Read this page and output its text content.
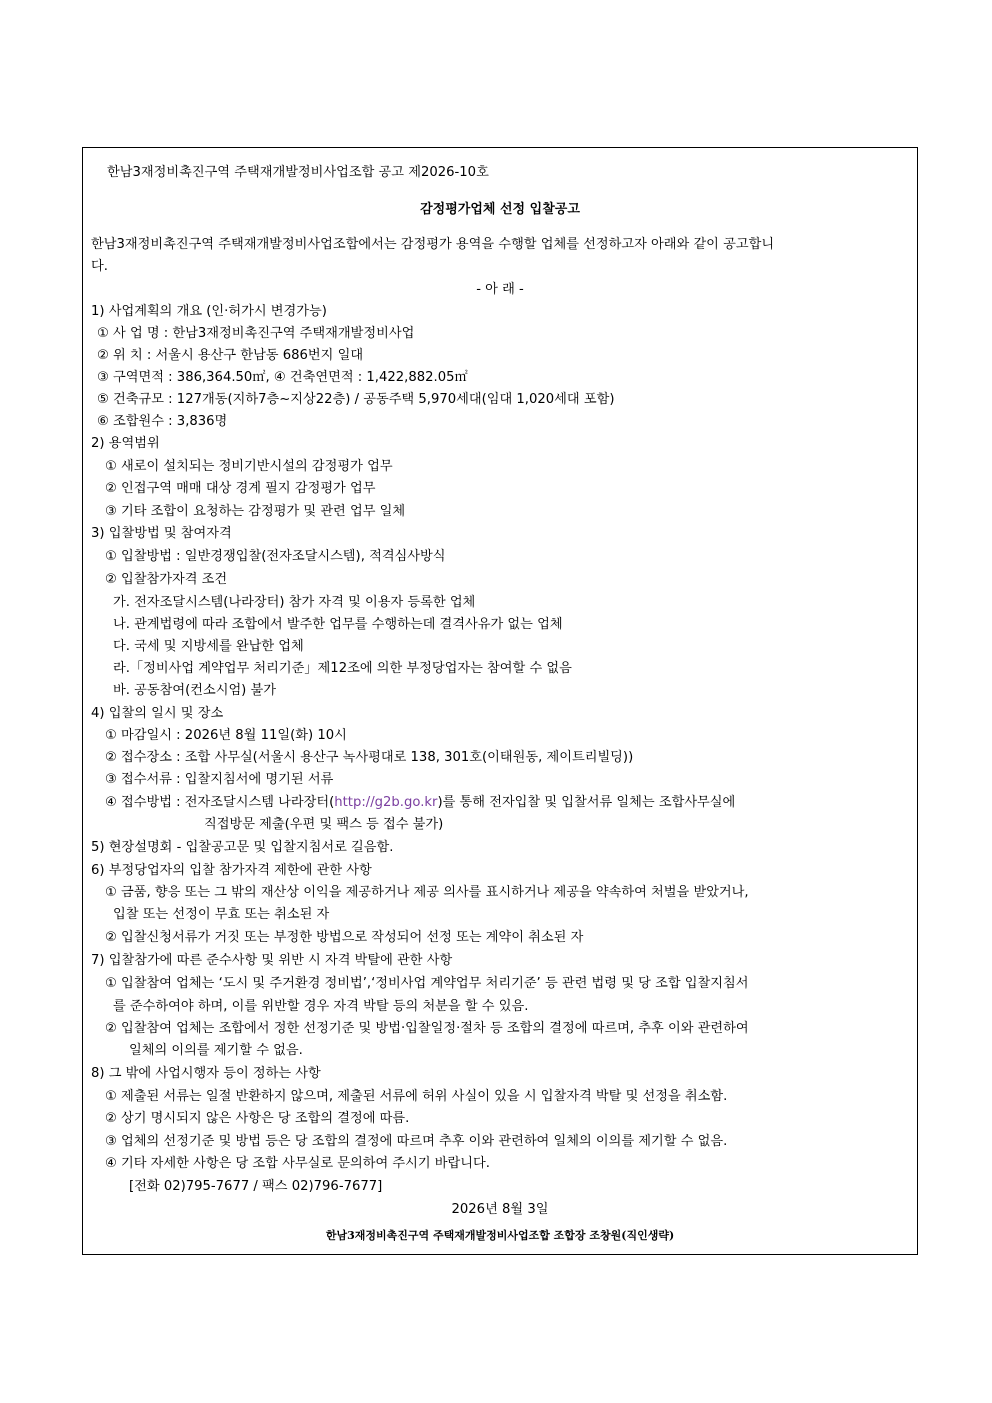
한남3재정비촉진구역 주택재개발정비사업조합 공고 제2026-10호
감정평가업체 선정 입찰공고
한남3재정비촉진구역 주택재개발정비사업조합에서는 감정평가 용역을 수행할 업체를 선정하고자 아래와 같이 공고합니
다.
- 아 래 -
1) 사업계획의 개요 (인·허가시 변경가능)
① 사 업 명 : 한남3재정비촉진구역 주택재개발정비사업
② 위 치 : 서울시 용산구 한남동 686번지 일대
③ 구역면적 : 386,364.50㎡, ④ 건축연면적 : 1,422,882.05㎡
⑤ 건축규모 : 127개동(지하7층~지상22층) / 공동주택 5,970세대(임대 1,020세대 포함)
⑥ 조합원수 : 3,836명
2) 용역범위
① 새로이 설치되는 정비기반시설의 감정평가 업무
② 인접구역 매매 대상 경계 필지 감정평가 업무
③ 기타 조합이 요청하는 감정평가 및 관련 업무 일체
3) 입찰방법 및 참여자격
① 입찰방법 : 일반경쟁입찰(전자조달시스템), 적격심사방식
② 입찰참가자격 조건
가. 전자조달시스템(나라장터) 참가 자격 및 이용자 등록한 업체
나. 관계법령에 따라 조합에서 발주한 업무를 수행하는데 결격사유가 없는 업체
다. 국세 및 지방세를 완납한 업체
라.「정비사업 계약업무 처리기준」제12조에 의한 부정당업자는 참여할 수 없음
바. 공동참여(컨소시엄) 불가
4) 입찰의 일시 및 장소
① 마감일시 : 2026년 8월 11일(화) 10시
② 접수장소 : 조합 사무실(서울시 용산구 녹사평대로 138, 301호(이태원동, 제이트리빌딩))
③ 접수서류 : 입찰지침서에 명기된 서류
④ 접수방법 : 전자조달시스템 나라장터(http://g2b.go.kr)를 통해 전자입찰 및 입찰서류 일체는 조합사무실에
직접방문 제출(우편 및 팩스 등 접수 불가)
5) 현장설명회 - 입찰공고문 및 입찰지침서로 길음함.
6) 부정당업자의 입찰 참가자격 제한에 관한 사항
① 금품, 향응 또는 그 밖의 재산상 이익을 제공하거나 제공 의사를 표시하거나 제공을 약속하여 처벌을 받았거나,
입찰 또는 선정이 무효 또는 취소된 자
② 입찰신청서류가 거짓 또는 부정한 방법으로 작성되어 선정 또는 계약이 취소된 자
7) 입찰참가에 따른 준수사항 및 위반 시 자격 박탈에 관한 사항
① 입찰참여 업체는 ‘도시 및 주거환경 정비법’,‘정비사업 계약업무 처리기준’ 등 관련 법령 및 당 조합 입찰지침서
를 준수하여야 하며, 이를 위반할 경우 자격 박탈 등의 처분을 할 수 있음.
② 입찰참여 업체는 조합에서 정한 선정기준 및 방법·입찰일정·절차 등 조합의 결정에 따르며, 추후 이와 관련하여
일체의 이의를 제기할 수 없음.
8) 그 밖에 사업시행자 등이 정하는 사항
① 제출된 서류는 일절 반환하지 않으며, 제출된 서류에 허위 사실이 있을 시 입찰자격 박탈 및 선정을 취소함.
② 상기 명시되지 않은 사항은 당 조합의 결정에 따름.
③ 업체의 선정기준 및 방법 등은 당 조합의 결정에 따르며 추후 이와 관련하여 일체의 이의를 제기할 수 없음.
④ 기타 자세한 사항은 당 조합 사무실로 문의하여 주시기 바랍니다.
[전화 02)795-7677 / 팩스 02)796-7677]
2026년 8월 3일
한남3재정비촉진구역 주택재개발정비사업조합 조합장 조창원(직인생략)
